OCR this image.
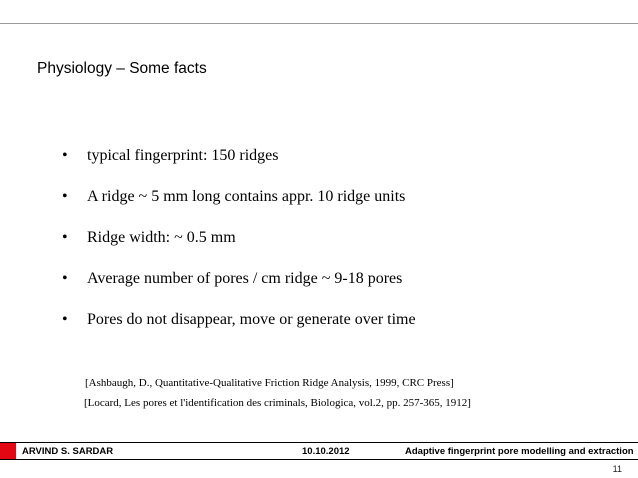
Physiology – Some facts
• typical fingerprint: 150 ridges
• A ridge ~ 5 mm long contains appr. 10 ridge units
• Ridge width: ~ 0.5 mm
• Average number of pores / cm ridge ~ 9-18 pores
• Pores do not disappear, move or generate over time
[Ashbaugh, D., Quantitative-Qualitative Friction Ridge Analysis, 1999, CRC Press]
[Locard, Les pores et l'identification des criminals, Biologica, vol.2, pp. 257-365, 1912]
ARVIND S. SARDAR	10.10.2012	Adaptive fingerprint pore modelling and extraction
11
